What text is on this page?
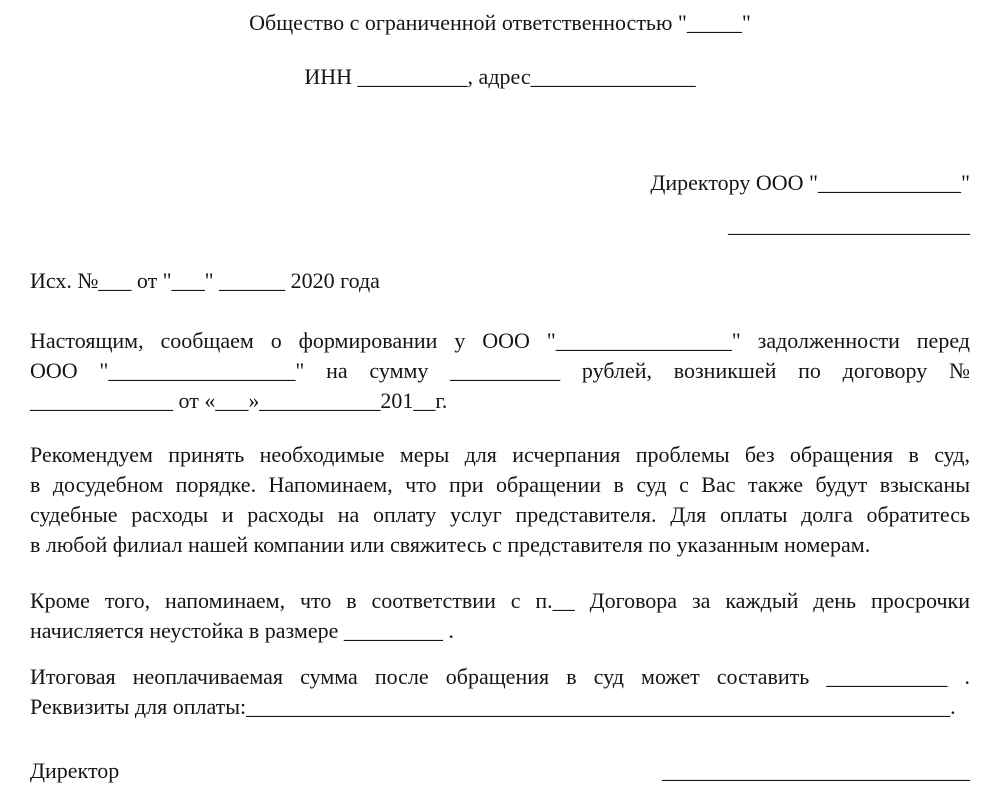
Общество с ограниченной ответственностью "_____"
ИНН __________, адрес_______________
Директору ООО "_____________"
______________________
Исх. №___ от "___" ______ 2020 года
Настоящим, сообщаем о формировании у ООО "________________" задолженности перед
ООО "_________________" на сумму __________ рублей, возникшей по договору №
_____________ от «___»___________201__г.
Рекомендуем принять необходимые меры для исчерпания проблемы без обращения в суд,
в досудебном порядке. Напоминаем, что при обращении в суд с Вас также будут взысканы
судебные расходы и расходы на оплату услуг представителя. Для оплаты долга обратитесь
в любой филиал нашей компании или свяжитесь с представителя по указанным номерам.
Кроме того, напоминаем, что в соответствии с п.__ Договора за каждый день просрочки
начисляется неустойка в размере _________ .
Итоговая неоплачиваемая сумма после обращения в суд может составить ___________ .
Реквизиты для оплаты:________________________________________________________________.
Директор	____________________________
